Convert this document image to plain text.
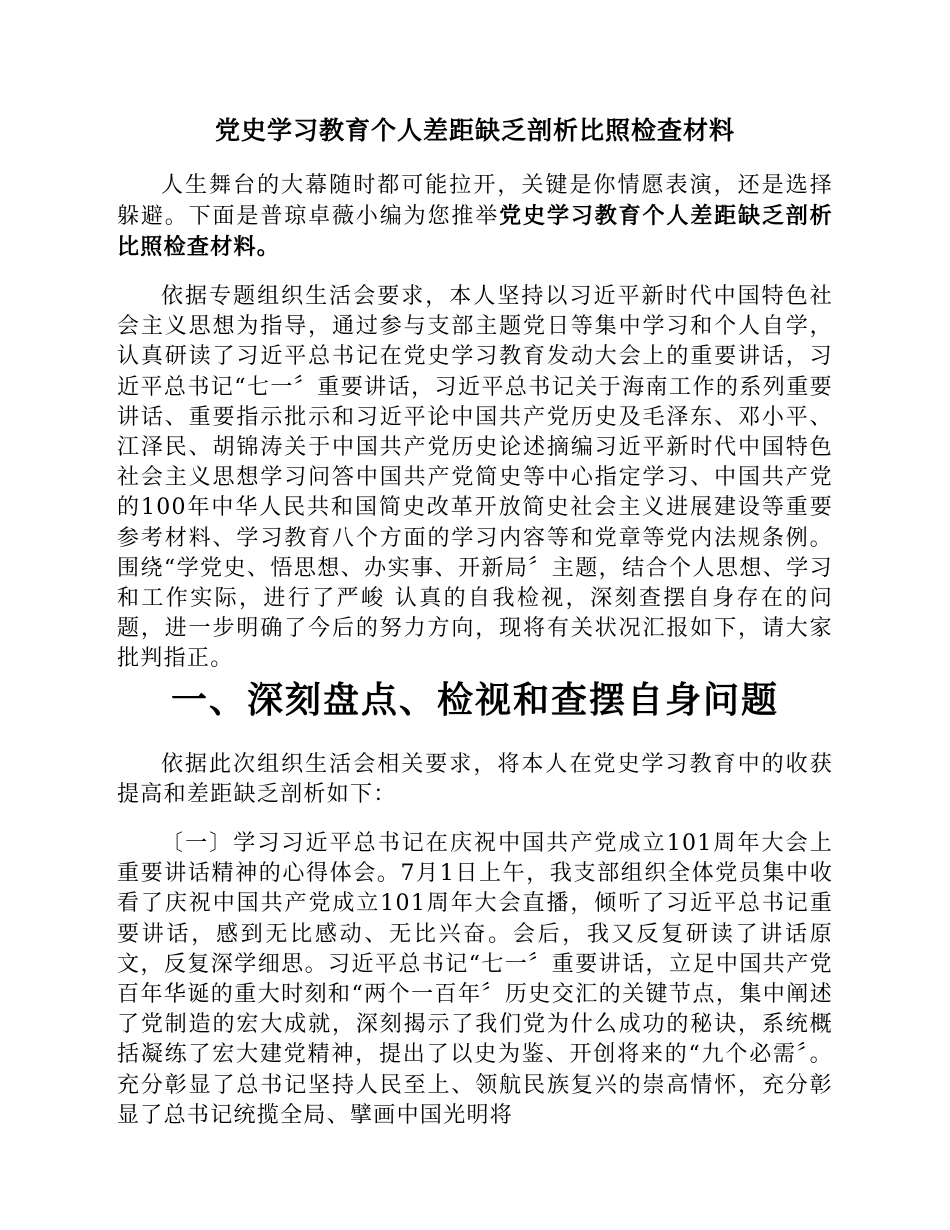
党史学习教育个人差距缺乏剖析比照检查材料

人生舞台的大幕随时都可能拉开，关键是你情愿表演，还是选择躲避。下面是普琼卓薇小编为您推举党史学习教育个人差距缺乏剖析比照检查材料。

依据专题组织生活会要求，本人坚持以习近平新时代中国特色社会主义思想为指导，通过参与支部主题党日等集中学习和个人自学，认真研读了习近平总书记在党史学习教育发动大会上的重要讲话，习近平总书记“七一〞重要讲话，习近平总书记关于海南工作的系列重要讲话、重要指示批示和习近平论中国共产党历史及毛泽东、邓小平、江泽民、胡锦涛关于中国共产党历史论述摘编习近平新时代中国特色社会主义思想学习问答中国共产党简史等中心指定学习、中国共产党的100年中华人民共和国简史改革开放简史社会主义进展建设等重要参考材料、学习教育八个方面的学习内容等和党章等党内法规条例。围绕“学党史、悟思想、办实事、开新局〞主题，结合个人思想、学习和工作实际，进行了严峻 认真的自我检视，深刻查摆自身存在的问题，进一步明确了今后的努力方向，现将有关状况汇报如下，请大家批判指正。

一、深刻盘点、检视和查摆自身问题

依据此次组织生活会相关要求，将本人在党史学习教育中的收获提高和差距缺乏剖析如下：

〔一〕学习习近平总书记在庆祝中国共产党成立101周年大会上重要讲话精神的心得体会。7月1日上午，我支部组织全体党员集中收看了庆祝中国共产党成立101周年大会直播，倾听了习近平总书记重要讲话，感到无比感动、无比兴奋。会后，我又反复研读了讲话原文，反复深学细思。习近平总书记“七一〞重要讲话，立足中国共产党百年华诞的重大时刻和“两个一百年〞历史交汇的关键节点，集中阐述了党制造的宏大成就，深刻揭示了我们党为什么成功的秘诀，系统概括凝练了宏大建党精神，提出了以史为鉴、开创将来的“九个必需〞。充分彰显了总书记坚持人民至上、领航民族复兴的崇高情怀，充分彰显了总书记统揽全局、擘画中国光明将
